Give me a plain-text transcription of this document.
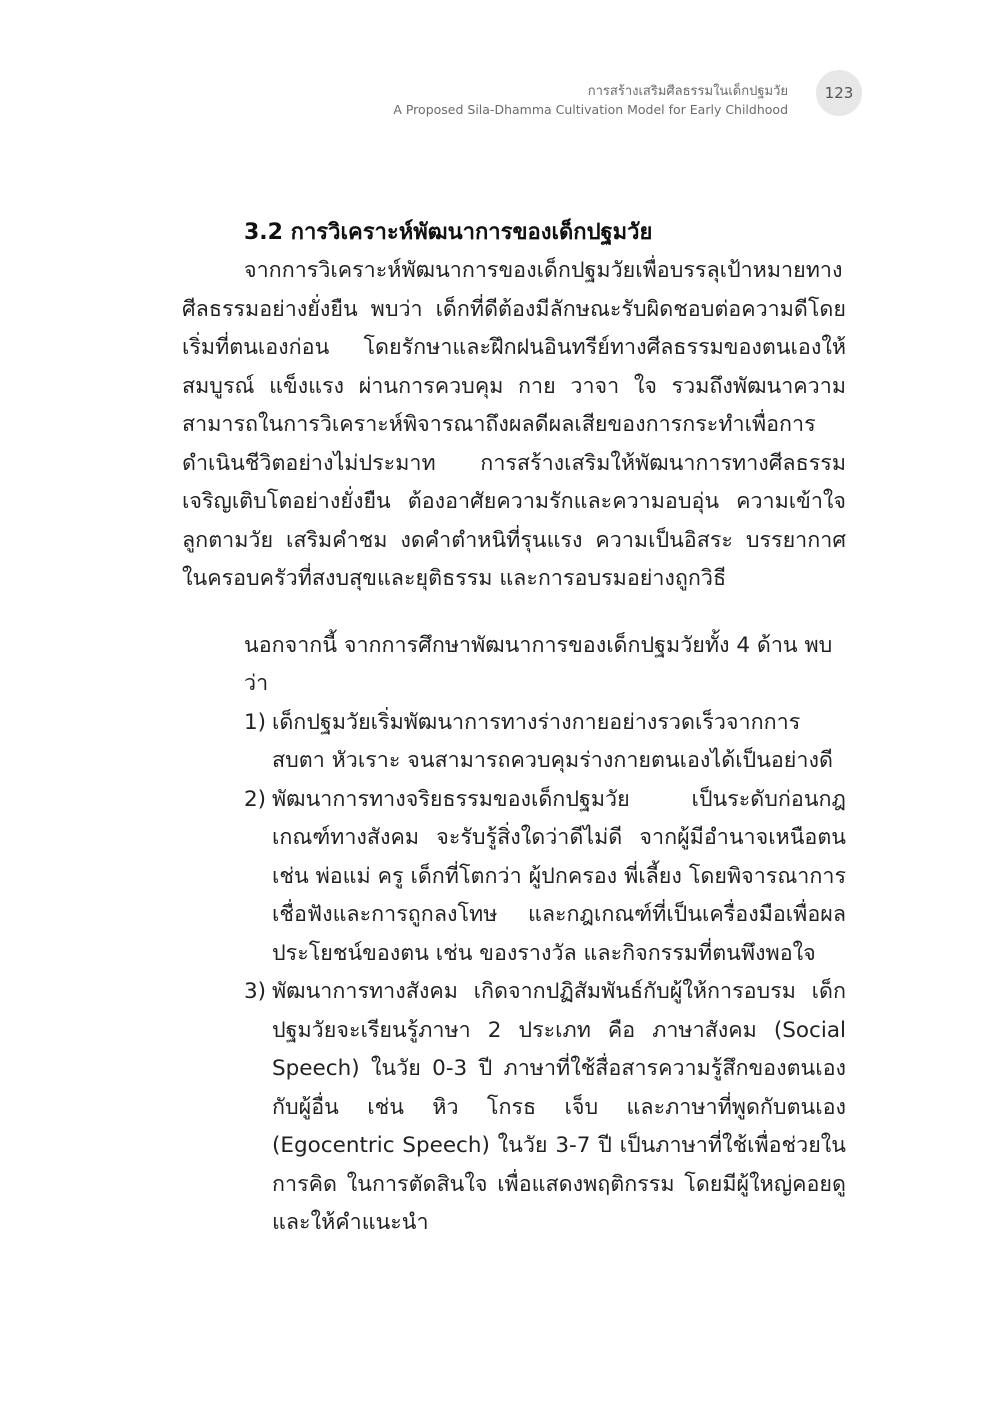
การสร้างเสริมศีลธรรมในเด็กปฐมวัย
A Proposed Sila-Dhamma Cultivation Model for Early Childhood
123
3.2 การวิเคราะห์พัฒนาการของเด็กปฐมวัย

จากการวิเคราะห์พัฒนาการของเด็กปฐมวัยเพื่อบรรลุเป้าหมายทางศีลธรรมอย่างยั่งยืน พบว่า เด็กที่ดีต้องมีลักษณะรับผิดชอบต่อความดีโดยเริ่มที่ตนเองก่อน โดยรักษาและฝึกฝนอินทรีย์ทางศีลธรรมของตนเองให้สมบูรณ์ แข็งแรง ผ่านการควบคุม กาย วาจา ใจ รวมถึงพัฒนาความสามารถในการวิเคราะห์พิจารณาถึงผลดีผลเสียของการกระทำเพื่อการดำเนินชีวิตอย่างไม่ประมาท การสร้างเสริมให้พัฒนาการทางศีลธรรมเจริญเติบโตอย่างยั่งยืน ต้องอาศัยความรักและความอบอุ่น ความเข้าใจลูกตามวัย เสริมคำชม งดคำตำหนิที่รุนแรง ความเป็นอิสระ บรรยากาศในครอบครัวที่สงบสุขและยุติธรรม และการอบรมอย่างถูกวิธี

นอกจากนี้ จากการศึกษาพัฒนาการของเด็กปฐมวัยทั้ง 4 ด้าน พบว่า

1) เด็กปฐมวัยเริ่มพัฒนาการทางร่างกายอย่างรวดเร็วจากการสบตา หัวเราะ จนสามารถควบคุมร่างกายตนเองได้เป็นอย่างดี
2) พัฒนาการทางจริยธรรมของเด็กปฐมวัย เป็นระดับก่อนกฎเกณฑ์ทางสังคม จะรับรู้สิ่งใดว่าดีไม่ดี จากผู้มีอำนาจเหนือตน เช่น พ่อแม่ ครู เด็กที่โตกว่า ผู้ปกครอง พี่เลี้ยง โดยพิจารณาการเชื่อฟังและการถูกลงโทษ และกฎเกณฑ์ที่เป็นเครื่องมือเพื่อผลประโยชน์ของตน เช่น ของรางวัล และกิจกรรมที่ตนพึงพอใจ
3) พัฒนาการทางสังคม เกิดจากปฏิสัมพันธ์กับผู้ให้การอบรม เด็กปฐมวัยจะเรียนรู้ภาษา 2 ประเภท คือ ภาษาสังคม (Social Speech) ในวัย 0-3 ปี ภาษาที่ใช้สื่อสารความรู้สึกของตนเองกับผู้อื่น เช่น หิว โกรธ เจ็บ และภาษาที่พูดกับตนเอง (Egocentric Speech) ในวัย 3-7 ปี เป็นภาษาที่ใช้เพื่อช่วยในการคิด ในการตัดสินใจ เพื่อแสดงพฤติกรรม โดยมีผู้ใหญ่คอยดูและให้คำแนะนำ
